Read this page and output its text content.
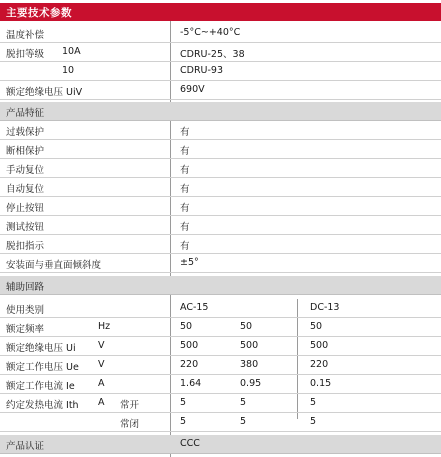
主要技术参数
温度补偿	-5°C~+40°C
脱扣等级 10A	CDRU-25、38
10	CDRU-93
额定绝缘电压 UiV	690V
产品特征
过载保护	有
断相保护	有
手动复位	有
自动复位	有
停止按钮	有
测试按钮	有
脱扣指示	有
安装面与垂直面倾斜度	±5°
辅助回路
使用类别	AC-15	DC-13
额定频率	Hz	50	50	50
额定绝缘电压 Ui V	500	500	500
额定工作电压 Ue V	220	380	220
额定工作电流 Ie A	1.64	0.95	0.15
约定发热电流 Ith A 常开	5	5	5
常闭	5	5	5
产品认证	CCC
